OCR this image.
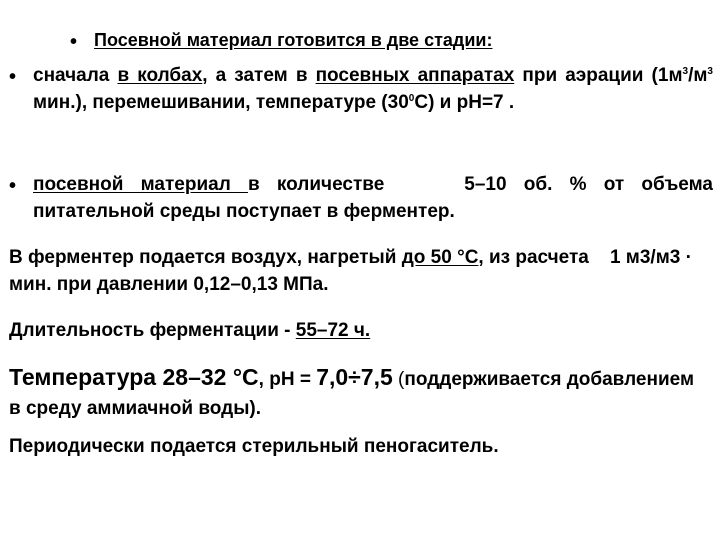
• Посевной материал готовится в две стадии:

• сначала в колбах, а затем в посевных аппаратах при аэрации ($1м^3/м^3$ мин.), перемешивании, температуре $(30^0С)$ и рН=7 .

• посевной материал в количестве	5–10 об. % от объема питательной среды поступает в ферментер.

В ферментер подается воздух, нагретый до 50 °С, из расчета    1 м3/м3 · мин. при давлении 0,12–0,13 МПа.

Длительность ферментации - 55–72 ч.

Температура 28–32 °С, рН = 7,0÷7,5 (поддерживается добавлением в среду аммиачной воды).

Периодически подается стерильный пеногаситель.
